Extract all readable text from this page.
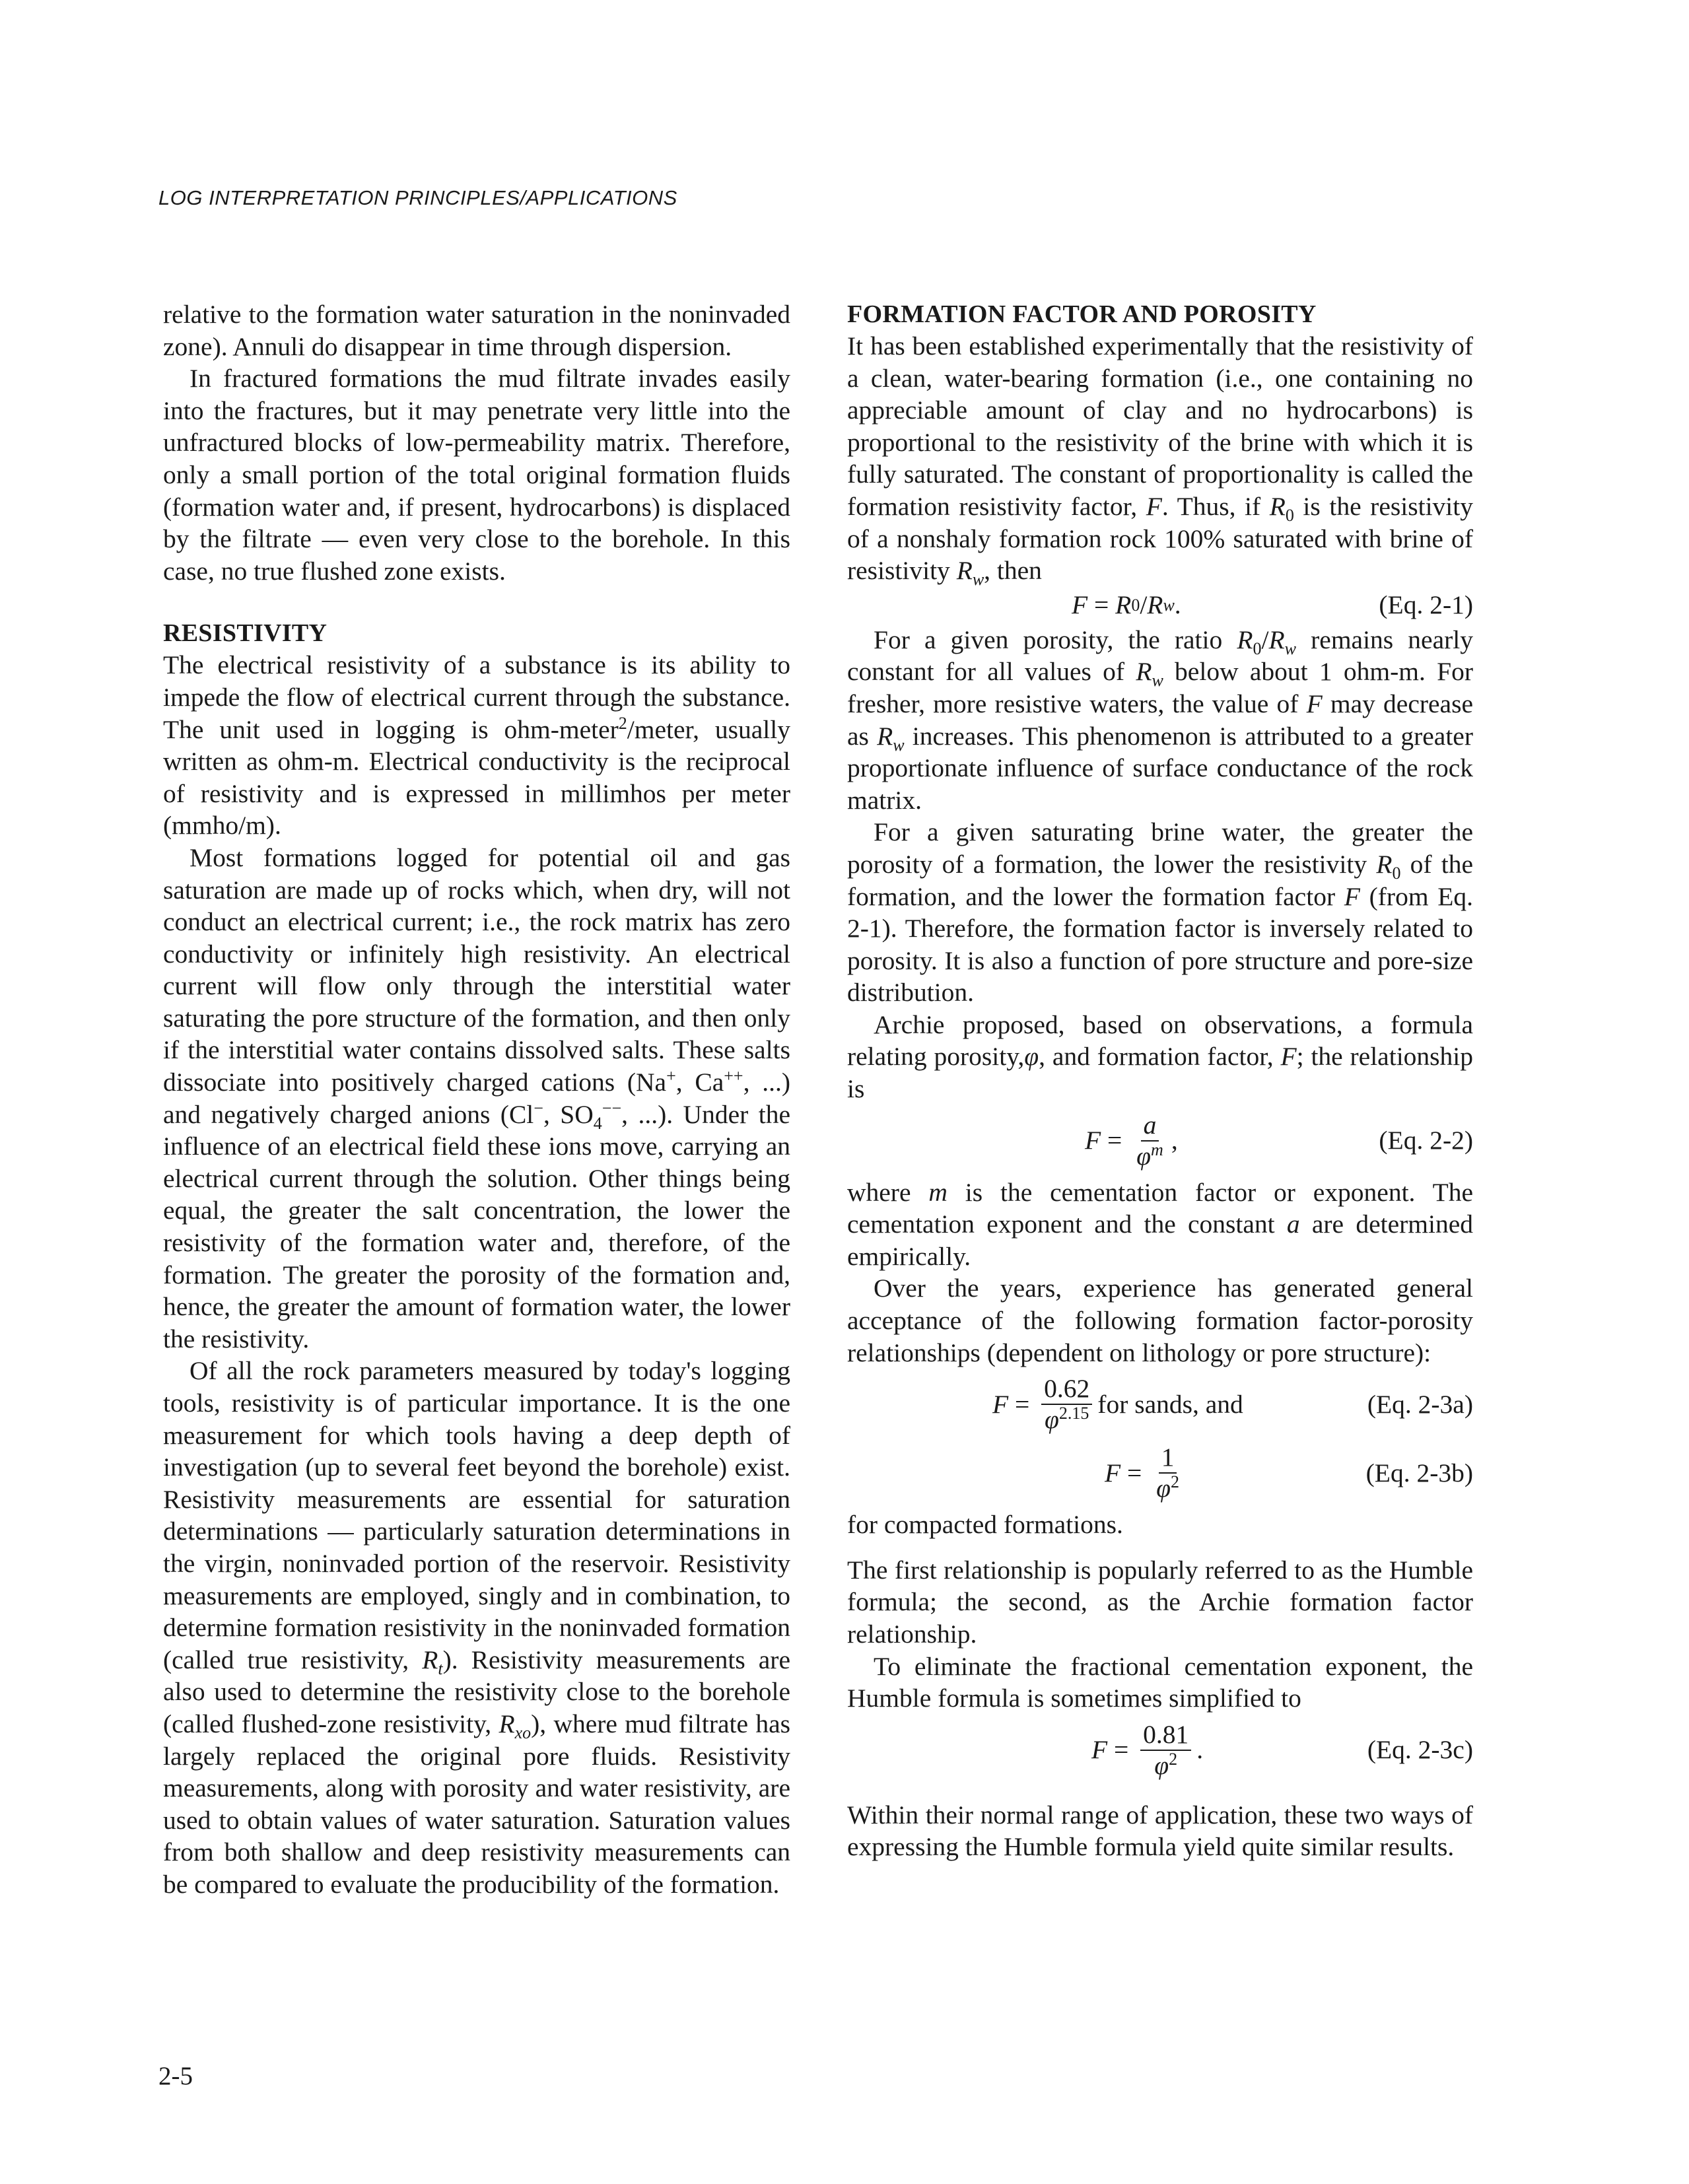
LOG INTERPRETATION PRINCIPLES/APPLICATIONS

relative to the formation water saturation in the noninvaded zone). Annuli do disappear in time through dispersion.

In fractured formations the mud filtrate invades easily into the fractures, but it may penetrate very little into the unfractured blocks of low-permeability matrix. Therefore, only a small portion of the total original formation fluids (formation water and, if present, hydrocarbons) is displaced by the filtrate — even very close to the borehole. In this case, no true flushed zone exists.

RESISTIVITY

The electrical resistivity of a substance is its ability to impede the flow of electrical current through the substance. The unit used in logging is ohm-meter$^2$/meter, usually written as ohm-m. Electrical conductivity is the reciprocal of resistivity and is expressed in millimhos per meter (mmho/m).

Most formations logged for potential oil and gas saturation are made up of rocks which, when dry, will not conduct an electrical current; i.e., the rock matrix has zero conductivity or infinitely high resistivity. An electrical current will flow only through the interstitial water saturating the pore structure of the formation, and then only if the interstitial water contains dissolved salts. These salts dissociate into positively charged cations (Na+, Ca++, ...) and negatively charged anions (Cl−, $SO_4^{--}$, ...). Under the influence of an electrical field these ions move, carrying an electrical current through the solution. Other things being equal, the greater the salt concentration, the lower the resistivity of the formation water and, therefore, of the formation. The greater the porosity of the formation and, hence, the greater the amount of formation water, the lower the resistivity.

Of all the rock parameters measured by today's logging tools, resistivity is of particular importance. It is the one measurement for which tools having a deep depth of investigation (up to several feet beyond the borehole) exist. Resistivity measurements are essential for saturation determinations — particularly saturation determinations in the virgin, noninvaded portion of the reservoir. Resistivity measurements are employed, singly and in combination, to determine formation resistivity in the noninvaded formation (called true resistivity, $R_t$). Resistivity measurements are also used to determine the resistivity close to the borehole (called flushed-zone resistivity, $R_{xo}$), where mud filtrate has largely replaced the original pore fluids. Resistivity measurements, along with porosity and water resistivity, are used to obtain values of water saturation. Saturation values from both shallow and deep resistivity measurements can be compared to evaluate the producibility of the formation.

FORMATION FACTOR AND POROSITY

It has been established experimentally that the resistivity of a clean, water-bearing formation (i.e., one containing no appreciable amount of clay and no hydrocarbons) is proportional to the resistivity of the brine with which it is fully saturated. The constant of proportionality is called the formation resistivity factor, F. Thus, if $R_0$ is the resistivity of a nonshaly formation rock 100% saturated with brine of resistivity $R_w$, then

F = R 0 / R w .	(Eq. 2-1)

For a given porosity, the ratio $R_0/R_w$ remains nearly constant for all values of $R_w$ below about 1 ohm-m. For fresher, more resistive waters, the value of F may decrease as $R_w$ increases. This phenomenon is attributed to a greater proportionate influence of surface conductance of the rock matrix.

For a given saturating brine water, the greater the porosity of a formation, the lower the resistivity $R_0$ of the formation, and the lower the formation factor F (from Eq. 2-1). Therefore, the formation factor is inversely related to porosity. It is also a function of pore structure and pore-size distribution.

Archie proposed, based on observations, a formula relating porosity,φ, and formation factor, F; the relationship is

$F = \frac{a}{\varphi^m}$ ,	(Eq. 2-2)

where m is the cementation factor or exponent. The cementation exponent and the constant a are determined empirically.

Over the years, experience has generated general acceptance of the following formation factor-porosity relationships (dependent on lithology or pore structure):

$F = \frac{0.62}{\varphi^{2.15}}$ for sands, and	(Eq. 2-3a)
$F = \frac{1}{\varphi^2}$	(Eq. 2-3b)

for compacted formations.

The first relationship is popularly referred to as the Humble formula; the second, as the Archie formation factor relationship.

To eliminate the fractional cementation exponent, the Humble formula is sometimes simplified to

$F = \frac{0.81}{\varphi^2}$ .	(Eq. 2-3c)

Within their normal range of application, these two ways of expressing the Humble formula yield quite similar results.

2-5
